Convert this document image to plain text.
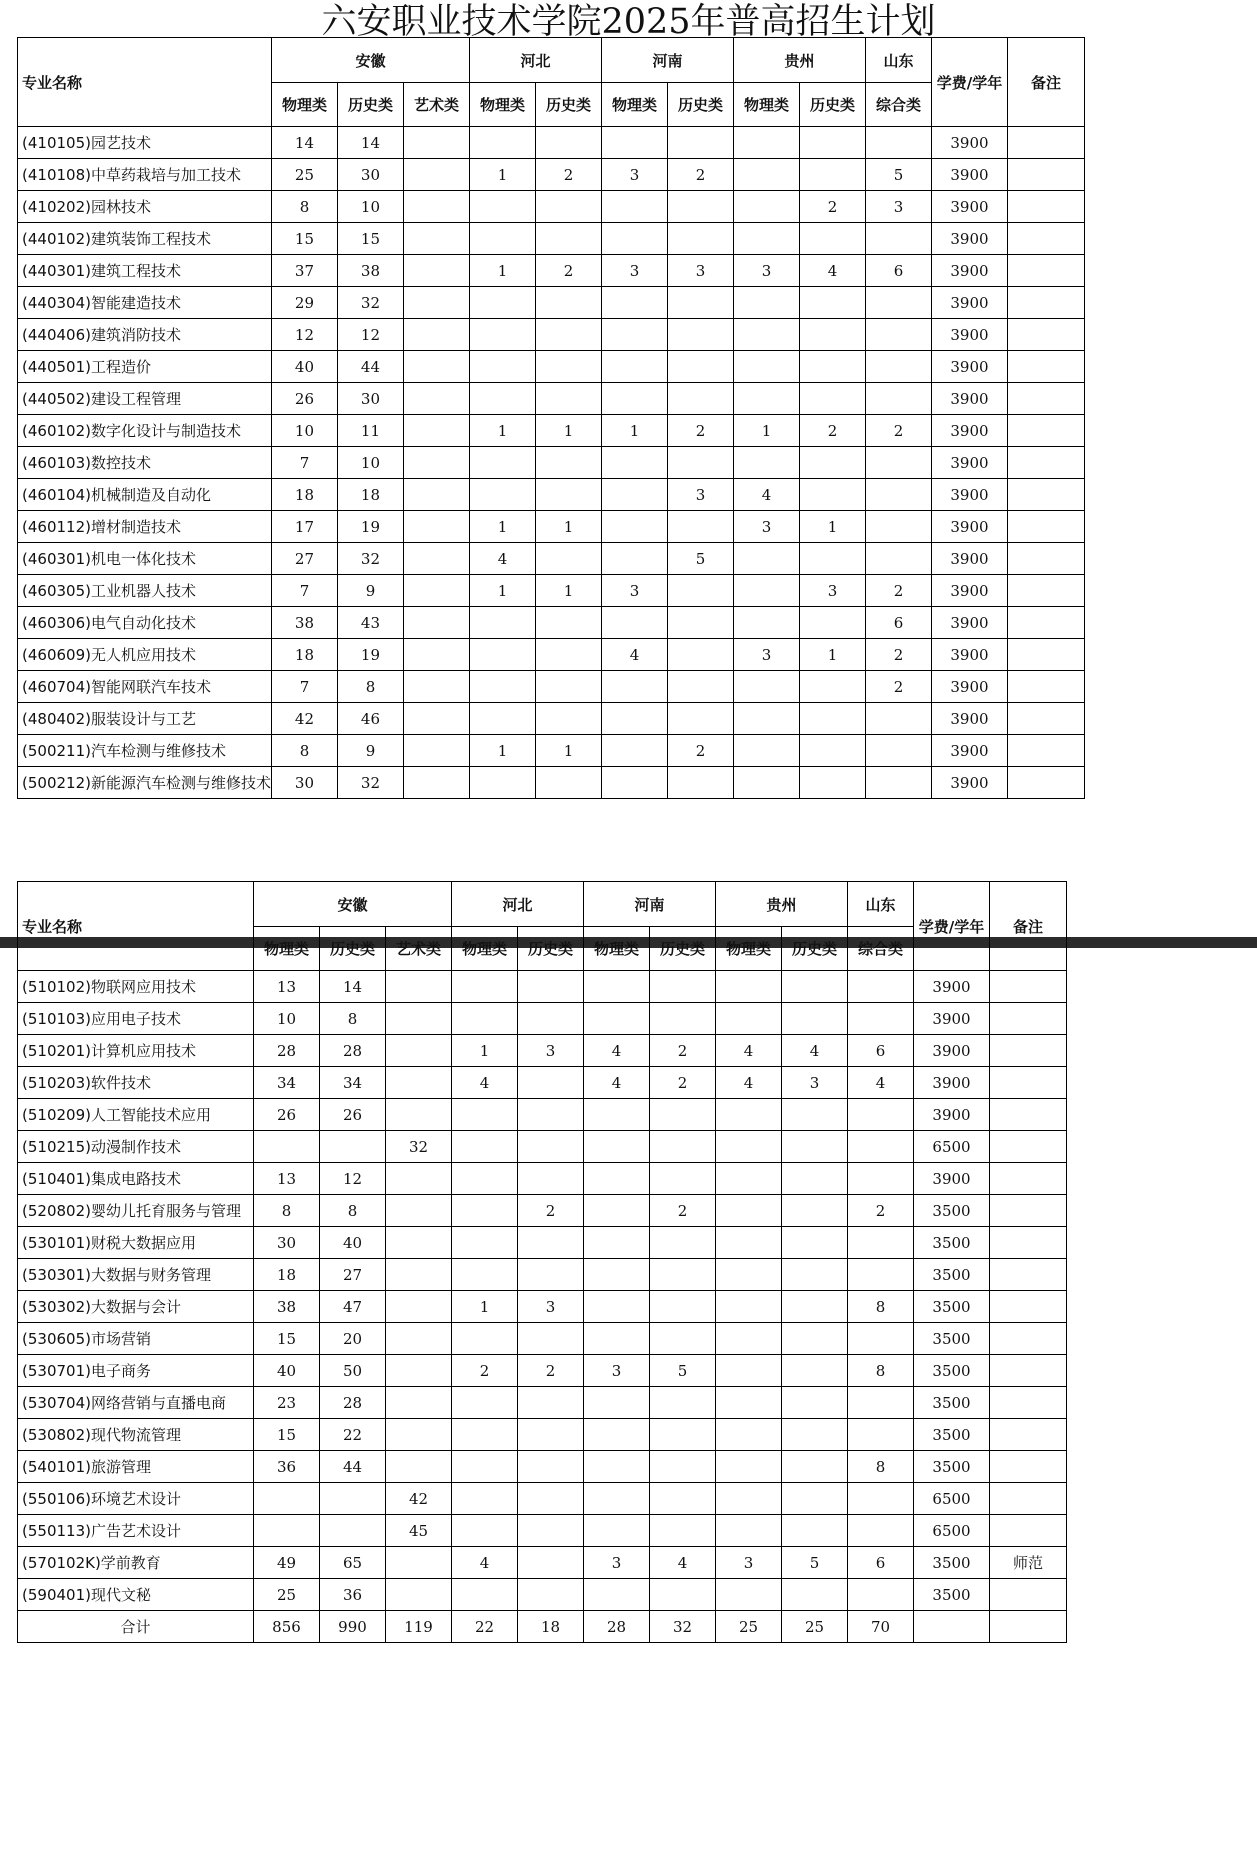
六安职业技术学院2025年普高招生计划
专业名称	安徽			河北		河南		贵州		山东	学费/学年	备注
	物理类	历史类	艺术类	物理类	历史类	物理类	历史类	物理类	历史类	综合类		
(410105)园艺技术	14	14									3900	
(410108)中草药栽培与加工技术	25	30		1	2	3	2			5	3900	
(410202)园林技术	8	10							2	3	3900	
(440102)建筑装饰工程技术	15	15									3900	
(440301)建筑工程技术	37	38		1	2	3	3	3	4	6	3900	
(440304)智能建造技术	29	32									3900	
(440406)建筑消防技术	12	12									3900	
(440501)工程造价	40	44									3900	
(440502)建设工程管理	26	30									3900	
(460102)数字化设计与制造技术	10	11		1	1	1	2	1	2	2	3900	
(460103)数控技术	7	10									3900	
(460104)机械制造及自动化	18	18					3	4			3900	
(460112)增材制造技术	17	19		1	1			3	1		3900	
(460301)机电一体化技术	27	32		4			5				3900	
(460305)工业机器人技术	7	9		1	1	3			3	2	3900	
(460306)电气自动化技术	38	43								6	3900	
(460609)无人机应用技术	18	19				4		3	1	2	3900	
(460704)智能网联汽车技术	7	8								2	3900	
(480402)服装设计与工艺	42	46									3900	
(500211)汽车检测与维修技术	8	9		1	1		2				3900	
(500212)新能源汽车检测与维修技术	30	32									3900	
专业名称	安徽			河北		河南		贵州		山东	学费/学年	备注
	物理类	历史类	艺术类	物理类	历史类	物理类	历史类	物理类	历史类	综合类		
(510102)物联网应用技术	13	14									3900	
(510103)应用电子技术	10	8									3900	
(510201)计算机应用技术	28	28		1	3	4	2	4	4	6	3900	
(510203)软件技术	34	34		4		4	2	4	3	4	3900	
(510209)人工智能技术应用	26	26									3900	
(510215)动漫制作技术			32								6500	
(510401)集成电路技术	13	12									3900	
(520802)婴幼儿托育服务与管理	8	8			2		2			2	3500	
(530101)财税大数据应用	30	40									3500	
(530301)大数据与财务管理	18	27									3500	
(530302)大数据与会计	38	47		1	3					8	3500	
(530605)市场营销	15	20									3500	
(530701)电子商务	40	50		2	2	3	5			8	3500	
(530704)网络营销与直播电商	23	28									3500	
(530802)现代物流管理	15	22									3500	
(540101)旅游管理	36	44								8	3500	
(550106)环境艺术设计			42								6500	
(550113)广告艺术设计			45								6500	
(570102K)学前教育	49	65		4		3	4	3	5	6	3500	师范
(590401)现代文秘	25	36									3500	
合计	856	990	119	22	18	28	32	25	25	70		
